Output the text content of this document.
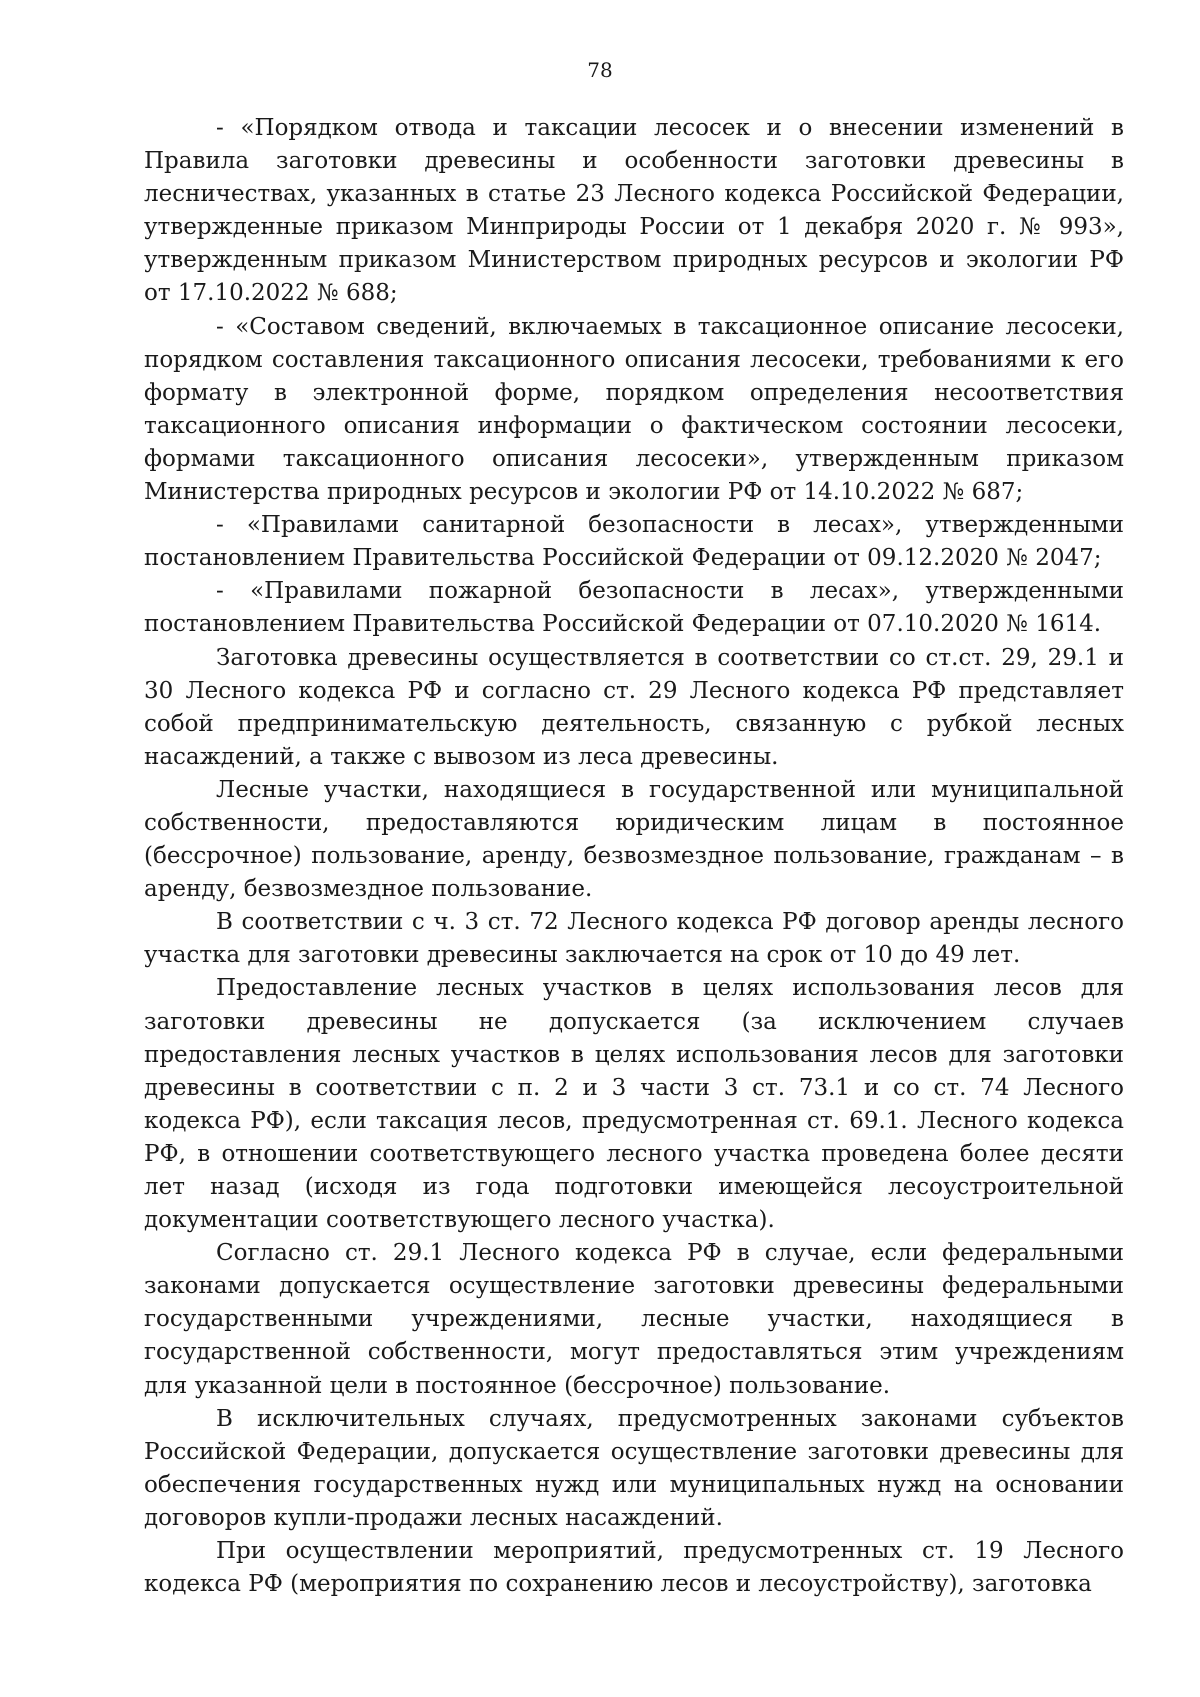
78

- «Порядком отвода и таксации лесосек и о внесении изменений в Правила заготовки древесины и особенности заготовки древесины в лесничествах, указанных в статье 23 Лесного кодекса Российской Федерации, утвержденные приказом Минприроды России от 1 декабря 2020 г. № 993», утвержденным приказом Министерством природных ресурсов и экологии РФ от 17.10.2022 № 688;

- «Составом сведений, включаемых в таксационное описание лесосеки, порядком составления таксационного описания лесосеки, требованиями к его формату в электронной форме, порядком определения несоответствия таксационного описания информации о фактическом состоянии лесосеки, формами таксационного описания лесосеки», утвержденным приказом Министерства природных ресурсов и экологии РФ от 14.10.2022 № 687;

- «Правилами санитарной безопасности в лесах», утвержденными постановлением Правительства Российской Федерации от 09.12.2020 № 2047;

- «Правилами пожарной безопасности в лесах», утвержденными постановлением Правительства Российской Федерации от 07.10.2020 № 1614.

Заготовка древесины осуществляется в соответствии со ст.ст. 29, 29.1 и 30 Лесного кодекса РФ и согласно ст. 29 Лесного кодекса РФ представляет собой предпринимательскую деятельность, связанную с рубкой лесных насаждений, а также с вывозом из леса древесины.

Лесные участки, находящиеся в государственной или муниципальной собственности, предоставляются юридическим лицам в постоянное (бессрочное) пользование, аренду, безвозмездное пользование, гражданам – в аренду, безвозмездное пользование.

В соответствии с ч. 3 ст. 72 Лесного кодекса РФ договор аренды лесного участка для заготовки древесины заключается на срок от 10 до 49 лет.

Предоставление лесных участков в целях использования лесов для заготовки древесины не допускается (за исключением случаев предоставления лесных участков в целях использования лесов для заготовки древесины в соответствии с п. 2 и 3 части 3 ст. 73.1 и со ст. 74 Лесного кодекса РФ), если таксация лесов, предусмотренная ст. 69.1. Лесного кодекса РФ, в отношении соответствующего лесного участка проведена более десяти лет назад (исходя из года подготовки имеющейся лесоустроительной документации соответствующего лесного участка).

Согласно ст. 29.1 Лесного кодекса РФ в случае, если федеральными законами допускается осуществление заготовки древесины федеральными государственными учреждениями, лесные участки, находящиеся в государственной собственности, могут предоставляться этим учреждениям для указанной цели в постоянное (бессрочное) пользование.

В исключительных случаях, предусмотренных законами субъектов Российской Федерации, допускается осуществление заготовки древесины для обеспечения государственных нужд или муниципальных нужд на основании договоров купли-продажи лесных насаждений.

При осуществлении мероприятий, предусмотренных ст. 19 Лесного кодекса РФ (мероприятия по сохранению лесов и лесоустройству), заготовка
